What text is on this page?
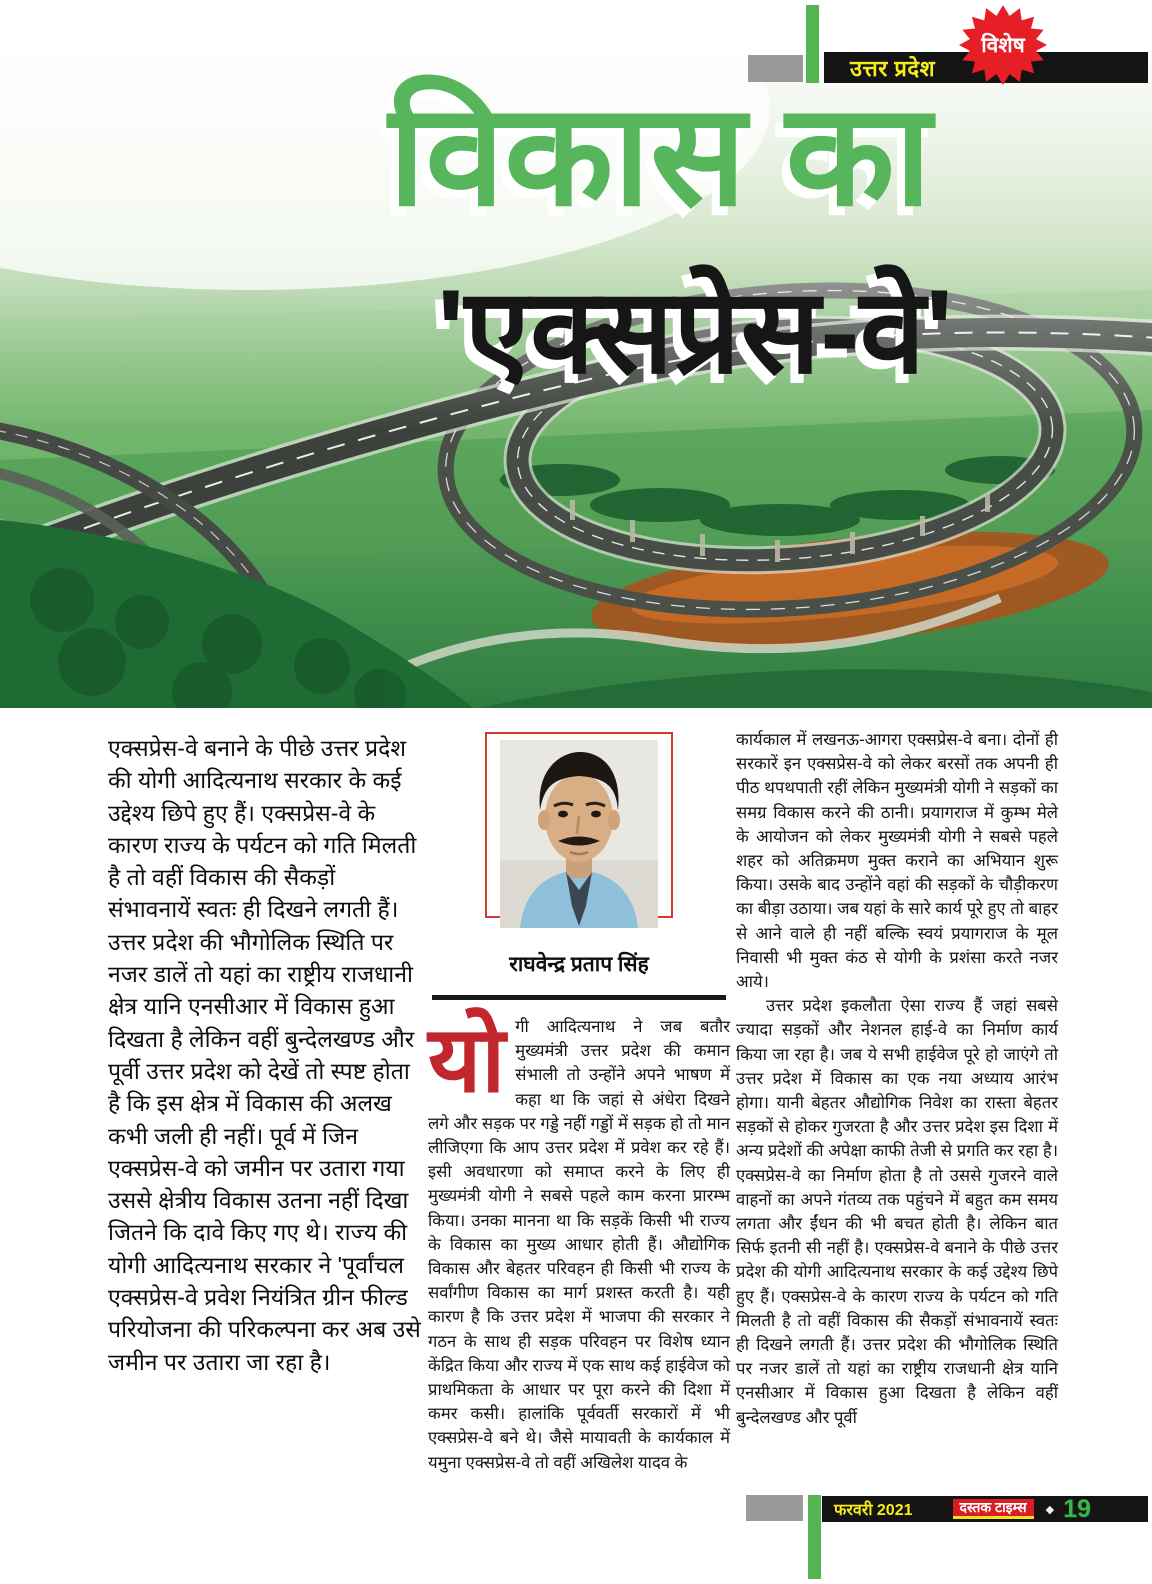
उत्तर प्रदेश
विशेष
विकास का
'एक्सप्रेस-वे'
एक्सप्रेस-वे बनाने के पीछे उत्तर प्रदेश की योगी आदित्यनाथ सरकार के कई उद्देश्य छिपे हुए हैं। एक्सप्रेस-वे के कारण राज्य के पर्यटन को गति मिलती है तो वहीं विकास की सैकड़ों संभावनायें स्वतः ही दिखने लगती हैं। उत्तर प्रदेश की भौगोलिक स्थिति पर नजर डालें तो यहां का राष्ट्रीय राजधानी क्षेत्र यानि एनसीआर में विकास हुआ दिखता है लेकिन वहीं बुन्देलखण्ड और पूर्वी उत्तर प्रदेश को देखें तो स्पष्ट होता है कि इस क्षेत्र में विकास की अलख कभी जली ही नहीं। पूर्व में जिन एक्सप्रेस-वे को जमीन पर उतारा गया उससे क्षेत्रीय विकास उतना नहीं दिखा जितने कि दावे किए गए थे। राज्य की योगी आदित्यनाथ सरकार ने 'पूर्वांचल एक्सप्रेस-वे प्रवेश नियंत्रित ग्रीन फील्ड परियोजना की परिकल्पना कर अब उसे जमीन पर उतारा जा रहा है।
राघवेन्द्र प्रताप सिंह
योगी आदित्यनाथ ने जब बतौर मुख्यमंत्री उत्तर प्रदेश की कमान संभाली तो उन्होंने अपने भाषण में कहा था कि जहां से अंधेरा दिखने लगे और सड़क पर गड्डे नहीं गड्डों में सड़क हो तो मान लीजिएगा कि आप उत्तर प्रदेश में प्रवेश कर रहे हैं। इसी अवधारणा को समाप्त करने के लिए ही मुख्यमंत्री योगी ने सबसे पहले काम करना प्रारम्भ किया। उनका मानना था कि सड़कें किसी भी राज्य के विकास का मुख्य आधार होती हैं। औद्योगिक विकास और बेहतर परिवहन ही किसी भी राज्य के सर्वांगीण विकास का मार्ग प्रशस्त करती है। यही कारण है कि उत्तर प्रदेश में भाजपा की सरकार ने गठन के साथ ही सड़क परिवहन पर विशेष ध्यान केंद्रित किया और राज्य में एक साथ कई हाईवेज को प्राथमिकता के आधार पर पूरा करने की दिशा में कमर कसी। हालांकि पूर्ववर्ती सरकारों में भी एक्सप्रेस-वे बने थे। जैसे मायावती के कार्यकाल में यमुना एक्सप्रेस-वे तो वहीं अखिलेश यादव के

कार्यकाल में लखनऊ-आगरा एक्सप्रेस-वे बना। दोनों ही सरकारें इन एक्सप्रेस-वे को लेकर बरसों तक अपनी ही पीठ थपथपाती रहीं लेकिन मुख्यमंत्री योगी ने सड़कों का समग्र विकास करने की ठानी। प्रयागराज में कुम्भ मेले के आयोजन को लेकर मुख्यमंत्री योगी ने सबसे पहले शहर को अतिक्रमण मुक्त कराने का अभियान शुरू किया। उसके बाद उन्होंने वहां की सड़कों के चौड़ीकरण का बीड़ा उठाया। जब यहां के सारे कार्य पूरे हुए तो बाहर से आने वाले ही नहीं बल्कि स्वयं प्रयागराज के मूल निवासी भी मुक्त कंठ से योगी के प्रशंसा करते नजर आये।

उत्तर प्रदेश इकलौता ऐसा राज्य हैं जहां सबसे ज्यादा सड़कों और नेशनल हाई-वे का निर्माण कार्य किया जा रहा है। जब ये सभी हाईवेज पूरे हो जाएंगे तो उत्तर प्रदेश में विकास का एक नया अध्याय आरंभ होगा। यानी बेहतर औद्योगिक निवेश का रास्ता बेहतर सड़कों से होकर गुजरता है और उत्तर प्रदेश इस दिशा में अन्य प्रदेशों की अपेक्षा काफी तेजी से प्रगति कर रहा है। एक्सप्रेस-वे का निर्माण होता है तो उससे गुजरने वाले वाहनों का अपने गंतव्य तक पहुंचने में बहुत कम समय लगता और ईंधन की भी बचत होती है। लेकिन बात सिर्फ इतनी सी नहीं है। एक्सप्रेस-वे बनाने के पीछे उत्तर प्रदेश की योगी आदित्यनाथ सरकार के कई उद्देश्य छिपे हुए हैं। एक्सप्रेस-वे के कारण राज्य के पर्यटन को गति मिलती है तो वहीं विकास की सैकड़ों संभावनायें स्वतः ही दिखने लगती हैं। उत्तर प्रदेश की भौगोलिक स्थिति पर नजर डालें तो यहां का राष्ट्रीय राजधानी क्षेत्र यानि एनसीआर में विकास हुआ दिखता है लेकिन वहीं बुन्देलखण्ड और पूर्वी

फरवरी 2021	दस्तक टाइम्स	◆ 19
